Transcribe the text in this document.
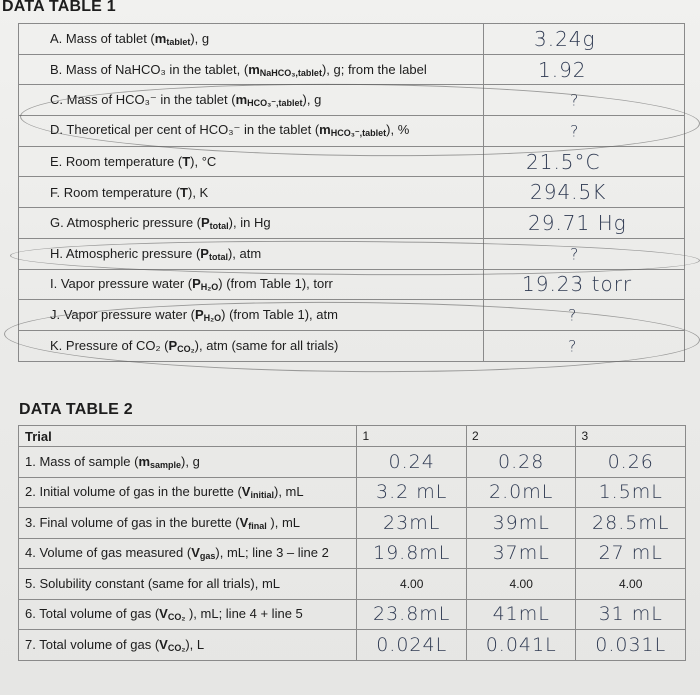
DATA TABLE 1
A. Mass of tablet $(m_{tablet})$, g	3.24g

B. Mass of NaHCO₃ in the tablet, $(m_{NaHCO_3,tablet})$, g; from the label	1.92

C. Mass of HCO₃⁻ in the tablet $(m_{HCO_3^-,tablet})$, g	?

D. Theoretical per cent of HCO₃⁻ in the tablet $(m_{HCO_3^-,tablet})$, %	?

E. Room temperature (T), °C	21.5°C

F. Room temperature (T), K	294.5K

G. Atmospheric pressure $(P_{total})$, in Hg	29.71 Hg

H. Atmospheric pressure $(P_{total})$, atm	?

I. Vapor pressure water $(P_{H_2O})$ (from Table 1), torr	19.23 torr

J. Vapor pressure water $(P_{H_2O})$ (from Table 1), atm	?

K. Pressure of CO₂ $(P_{CO_2})$, atm (same for all trials)	?
DATA TABLE 2
Trial	1	2	3

1. Mass of sample $(m_{sample})$, g	0.24	0.28	0.26

2. Initial volume of gas in the burette $(V_{initial})$, mL	3.2 mL	2.0mL	1.5mL

3. Final volume of gas in the burette ($V_{final}$ ), mL	23mL	39mL	28.5mL

4. Volume of gas measured $(V_{gas})$, mL; line 3 – line 2	19.8mL	37mL	27 mL

5. Solubility constant (same for all trials), mL	4.00	4.00	4.00
6. Total volume of gas ($V_{CO_2}$ ), mL; line 4 + line 5	23.8mL	41mL	31 mL

7. Total volume of gas $(V_{CO_2})$, L	0.024L	0.041L	0.031L
